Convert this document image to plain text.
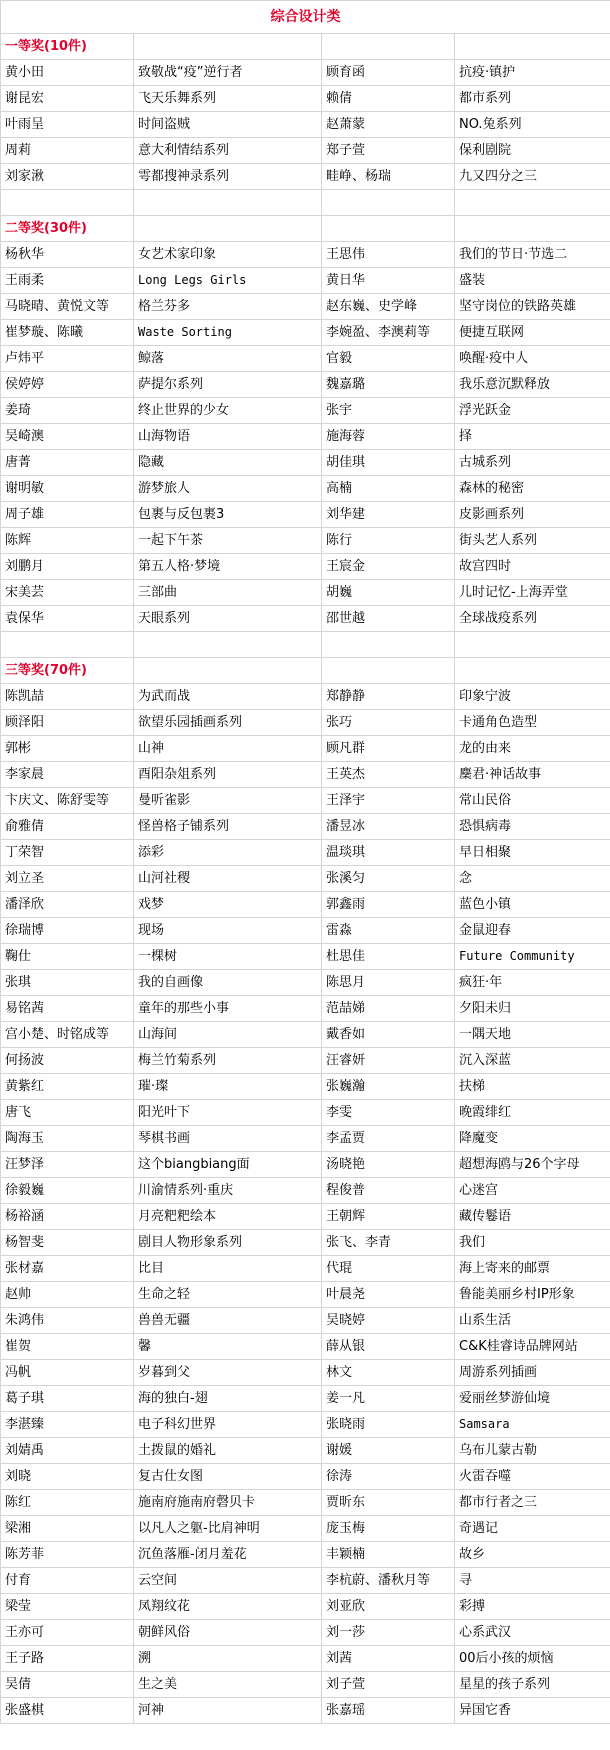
综合设计类			
一等奖(10件)			
黄小田	致敬战“疫”逆行者	顾育函	抗疫·镇护
谢昆宏	飞天乐舞系列	赖倩	都市系列
叶雨呈	时间盗贼	赵萧蒙	NO.兔系列
周莉	意大利情结系列	郑子萱	保利剧院
刘家湫	雩都搜神录系列	畦峥、杨瑞	九又四分之三

二等奖(30件)			
杨秋华	女艺术家印象	王思伟	我们的节日·节选二
王雨柔	Long Legs Girls	黄日华	盛装
马晓晴、黄悦文等	格兰芬多	赵东巍、史学峰	坚守岗位的铁路英雄
崔梦璇、陈曦	Waste Sorting	李婉盈、李澳莉等	便捷互联网
卢炜平	鲸落	官毅	唤醒·疫中人
侯婷婷	萨提尔系列	魏嘉璐	我乐意沉默释放
姜琦	终止世界的少女	张宇	浮光跃金
吴崎澳	山海物语	施海蓉	择
唐菁	隐藏	胡佳琪	古城系列
谢明敏	游梦旅人	高楠	森林的秘密
周子雄	包裹与反包裹3	刘华建	皮影画系列
陈辉	一起下午茶	陈行	街头艺人系列
刘鹏月	第五人格·梦境	王宸金	故宫四时
宋美芸	三部曲	胡巍	儿时记忆-上海弄堂
袁保华	天眼系列	邵世越	全球战疫系列

三等奖(70件)			
陈凯喆	为武而战	郑静静	印象宁波
顾泽阳	欲望乐园插画系列	张巧	卡通角色造型
郭彬	山神	顾凡群	龙的由来
李家晨	酉阳杂俎系列	王英杰	麇君·神话故事
卞庆文、陈舒雯等	曼听雀影	王泽宇	常山民俗
俞雅倩	怪兽格子铺系列	潘昱冰	恐惧病毒
丁荣智	添彩	温琰琪	早日相聚
刘立圣	山河社稷	张溪匀	念
潘泽欣	戏梦	郭鑫雨	蓝色小镇
徐瑞博	现场	雷淼	金鼠迎春
鞠仕	一棵树	杜思佳	Future Community
张琪	我的自画像	陈思月	疯狂·年
易铭茜	童年的那些小事	范喆娣	夕阳未归
宫小楚、时铭成等	山海间	戴香如	一隅天地
何扬波	梅兰竹菊系列	汪睿妍	沉入深蓝
黄紫红	璀·璨	张巍瀚	扶梯
唐飞	阳光叶下	李雯	晚霞绯红
陶海玉	琴棋书画	李孟贾	降魔变
汪梦泽	这个biangbiang面	汤晓艳	超想海鸥与26个字母
徐毅巍	川渝情系列·重庆	程俊普	心迷宫
杨裕涵	月亮粑粑绘本	王朝辉	藏传鬈语
杨智斐	剧目人物形象系列	张飞、李青	我们
张材嘉	比目	代琨	海上寄来的邮票
赵帅	生命之轻	叶晨尧	鲁能美丽乡村IP形象
朱鸿伟	兽兽无疆	吴晓婷	山系生活
崔贺	馨	薛从银	C&K桂睿诗品牌网站
冯帆	岁暮到父	林文	周游系列插画
葛子琪	海的独白-翅	姜一凡	爱丽丝梦游仙境
李湛臻	电子科幻世界	张晓雨	Samsara
刘婧禹	土拨鼠的婚礼	谢媛	乌布儿蒙古勒
刘晓	复古仕女图	徐涛	火雷吞噬
陈红	施南府施南府磬贝卡	贾昕东	都市行者之三
梁湘	以凡人之躯-比肩神明	庞玉梅	奇遇记
陈芳菲	沉鱼落雁-闭月羞花	丰颖楠	故乡
付育	云空间	李杭蔚、潘秋月等	寻
梁莹	凤翔纹花	刘亚欣	彩搏
王亦可	朝鲜风俗	刘一莎	心系武汉
王子路	溯	刘茜	00后小孩的烦恼
吴倩	生之美	刘子萱	星星的孩子系列
张盛棋	河神	张嘉瑶	异国它香
